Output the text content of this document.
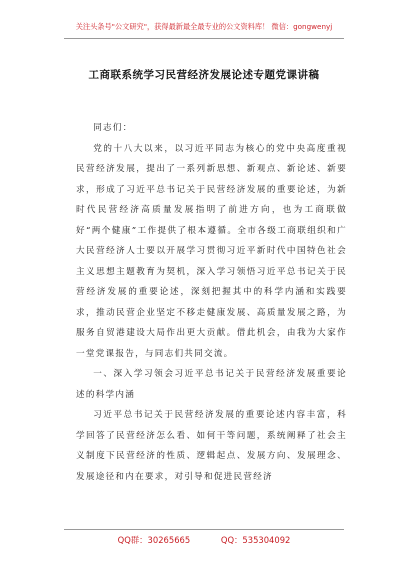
关注头条号"公文研究"，获得最新最全最专业的公文资料库！ 微信：gongwenyj
工商联系统学习民营经济发展论述专题党课讲稿

同志们：

党的十八大以来，以习近平同志为核心的党中央高度重视民营经济发展，提出了一系列新思想、新观点、新论述、新要求，形成了习近平总书记关于民营经济发展的重要论述，为新时代民营经济高质量发展指明了前进方向，也为工商联做好“两个健康”工作提供了根本遵循。全市各级工商联组织和广大民营经济人士要以开展学习贯彻习近平新时代中国特色社会主义思想主题教育为契机，深入学习领悟习近平总书记关于民营经济发展的重要论述，深刻把握其中的科学内涵和实践要求，推动民营企业坚定不移走健康发展、高质量发展之路，为服务自贸港建设大局作出更大贡献。借此机会，由我为大家作一堂党课报告，与同志们共同交流。

一、深入学习领会习近平总书记关于民营经济发展重要论述的科学内涵

习近平总书记关于民营经济发展的重要论述内容丰富，科学回答了民营经济怎么看、如何干等问题，系统阐释了社会主义制度下民营经济的性质、逻辑起点、发展方向、发展理念、发展途径和内在要求，对引导和促进民营经济

QQ群：30265665	QQ：535304092
